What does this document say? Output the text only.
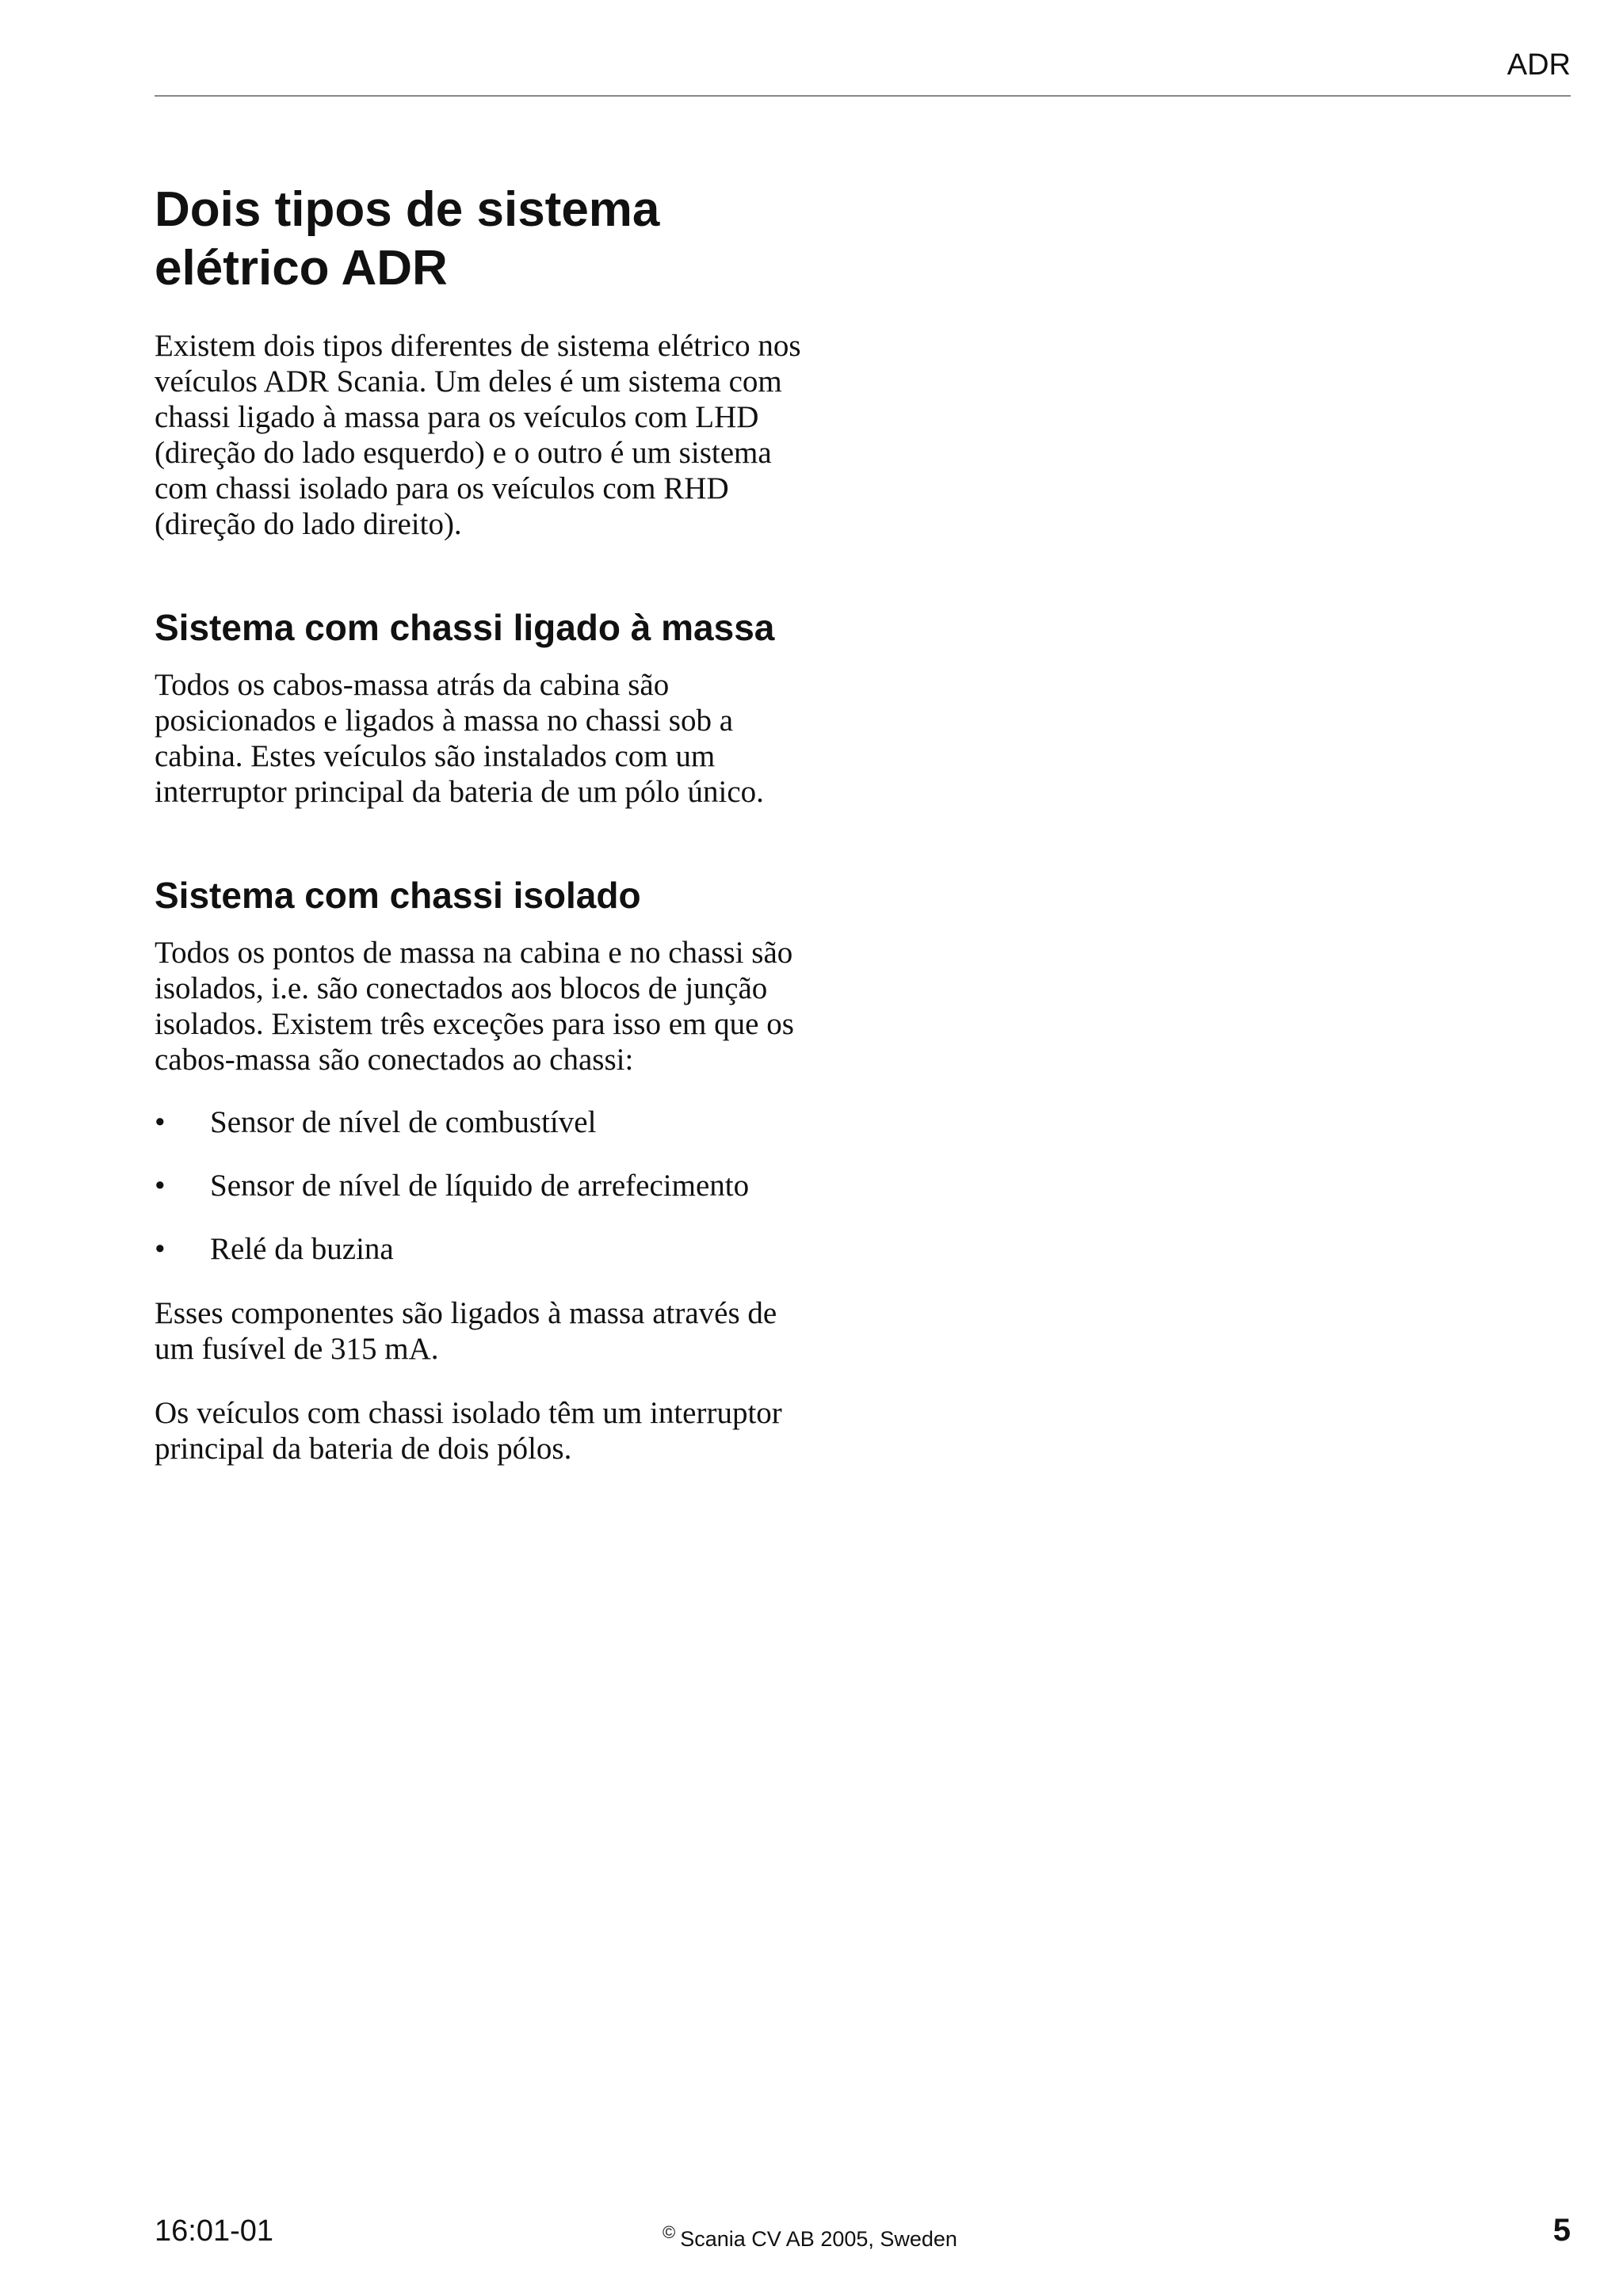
ADR
Dois tipos de sistema elétrico ADR

Existem dois tipos diferentes de sistema elétrico nos veículos ADR Scania. Um deles é um sistema com chassi ligado à massa para os veículos com LHD (direção do lado esquerdo) e o outro é um sistema com chassi isolado para os veículos com RHD (direção do lado direito).

Sistema com chassi ligado à massa

Todos os cabos-massa atrás da cabina são posicionados e ligados à massa no chassi sob a cabina. Estes veículos são instalados com um interruptor principal da bateria de um pólo único.

Sistema com chassi isolado

Todos os pontos de massa na cabina e no chassi são isolados, i.e. são conectados aos blocos de junção isolados. Existem três exceções para isso em que os cabos-massa são conectados ao chassi:

• Sensor de nível de combustível
• Sensor de nível de líquido de arrefecimento
• Relé da buzina

Esses componentes são ligados à massa através de um fusível de 315 mA.

Os veículos com chassi isolado têm um interruptor principal da bateria de dois pólos.

16:01-01	© Scania CV AB 2005, Sweden	5
